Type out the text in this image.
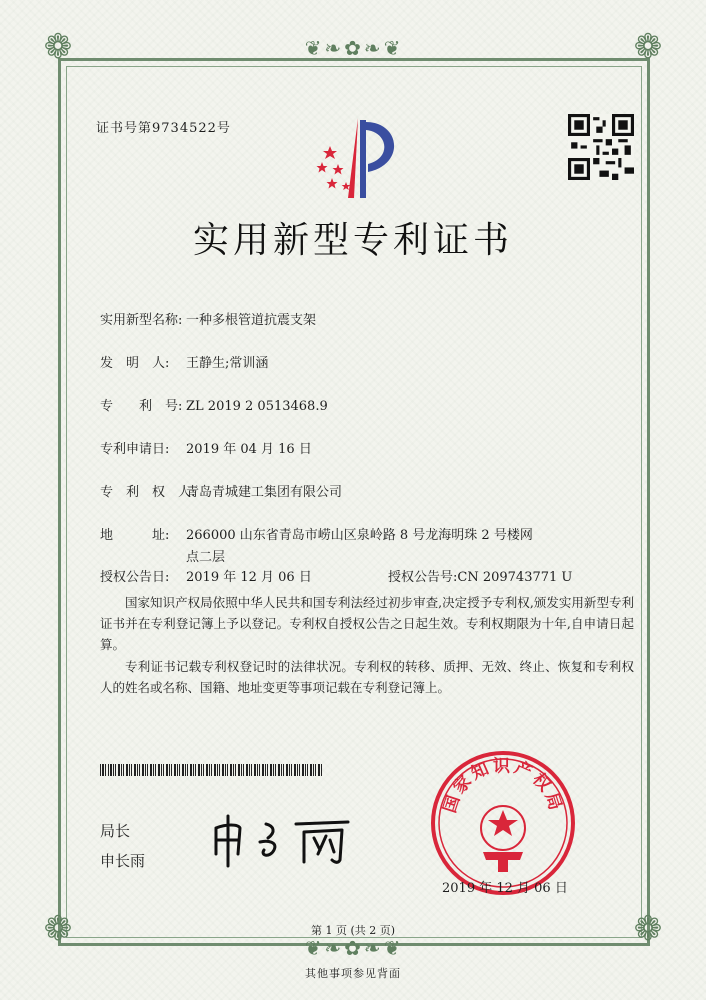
❦❧✿❧❦
❦❧✿❧❦
❁	❁
❁	❁
证书号第9734522号
实用新型专利证书
实用新型名称: 一种多根管道抗震支架
发　明　人: 王静生;常训涵
专　　利　号: ZL 2019 2 0513468.9
专利申请日: 2019 年 04 月 16 日
专　利　权　人:青岛青城建工集团有限公司
地　　　址: 266000 山东省青岛市崂山区泉岭路 8 号龙海明珠 2 号楼网
点二层
授权公告日: 2019 年 12 月 06 日	授权公告号:CN 209743771 U
国家知识产权局依照中华人民共和国专利法经过初步审查,决定授予专利权,颁发实用新型专利证书并在专利登记簿上予以登记。专利权自授权公告之日起生效。专利权期限为十年,自申请日起算。
专利证书记载专利权登记时的法律状况。专利权的转移、质押、无效、终止、恢复和专利权人的姓名或名称、国籍、地址变更等事项记载在专利登记簿上。
局长
申长雨
国家知识产权局
2019 年 12 月 06 日
第 1 页 (共 2 页)
其他事项参见背面
